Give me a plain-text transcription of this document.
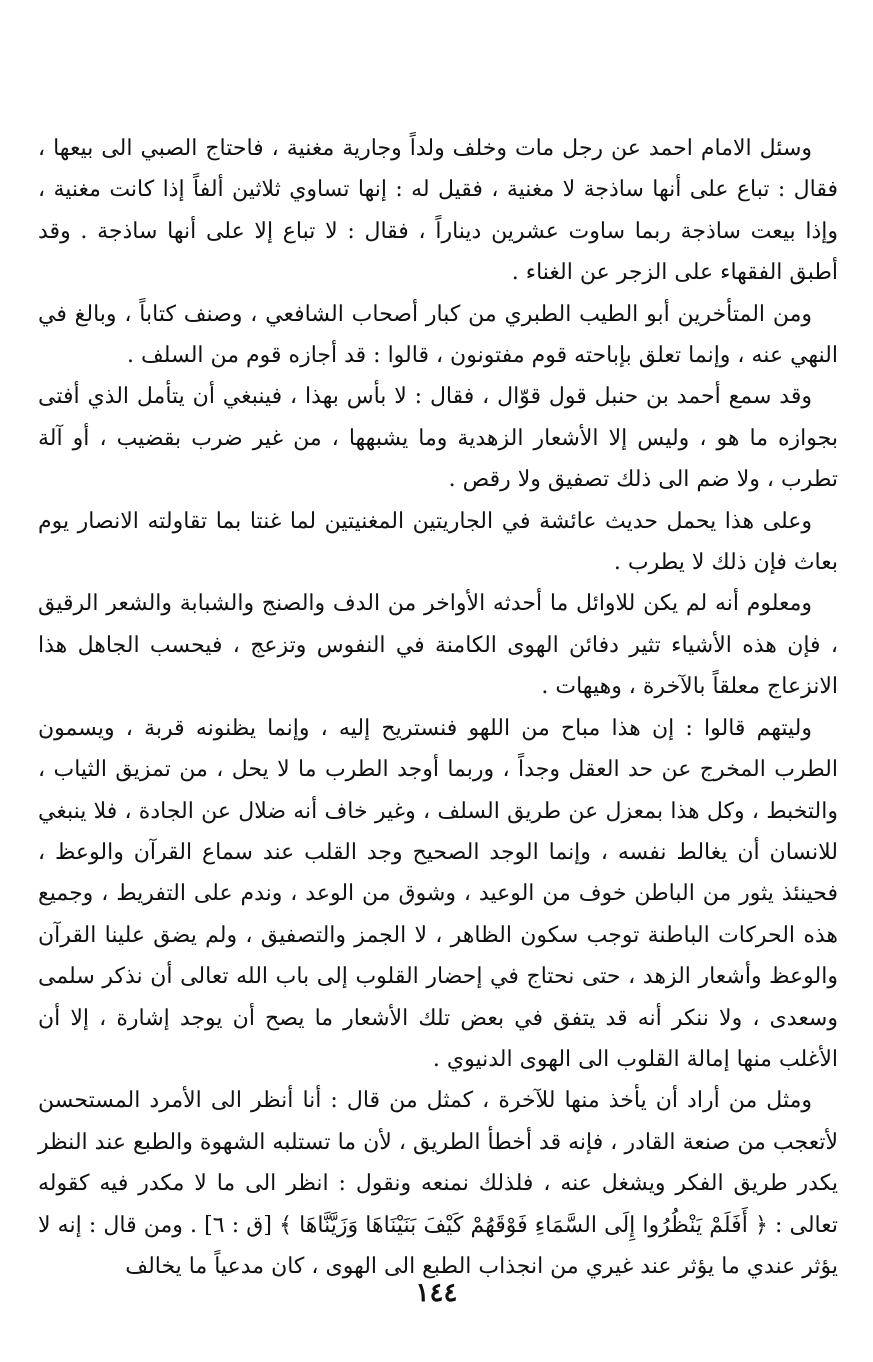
وسئل الامام احمد عن رجل مات وخلف ولداً وجارية مغنية ، فاحتاج الصبي الى بيعها ، فقال : تباع على أنها ساذجة لا مغنية ، فقيل له : إنها تساوي ثلاثين ألفاً إذا كانت مغنية ، وإذا بيعت ساذجة ربما ساوت عشرين ديناراً ، فقال : لا تباع إلا على أنها ساذجة . وقد أطبق الفقهاء على الزجر عن الغناء .

ومن المتأخرين أبو الطيب الطبري من كبار أصحاب الشافعي ، وصنف كتاباً ، وبالغ في النهي عنه ، وإنما تعلق بإباحته قوم مفتونون ، قالوا : قد أجازه قوم من السلف .

وقد سمع أحمد بن حنبل قول قوّال ، فقال : لا بأس بهذا ، فينبغي أن يتأمل الذي أفتى بجوازه ما هو ، وليس إلا الأشعار الزهدية وما يشبهها ، من غير ضرب بقضيب ، أو آلة تطرب ، ولا ضم الى ذلك تصفيق ولا رقص .

وعلى هذا يحمل حديث عائشة في الجاريتين المغنيتين لما غنتا بما تقاولته الانصار يوم بعاث فإن ذلك لا يطرب .

ومعلوم أنه لم يكن للاوائل ما أحدثه الأواخر من الدف والصنج والشبابة والشعر الرقيق ، فإن هذه الأشياء تثير دفائن الهوى الكامنة في النفوس وتزعج ، فيحسب الجاهل هذا الانزعاج معلقاً بالآخرة ، وهيهات .

وليتهم قالوا : إن هذا مباح من اللهو فنستريح إليه ، وإنما يظنونه قربة ، ويسمون الطرب المخرج عن حد العقل وجداً ، وربما أوجد الطرب ما لا يحل ، من تمزيق الثياب ، والتخبط ، وكل هذا بمعزل عن طريق السلف ، وغير خاف أنه ضلال عن الجادة ، فلا ينبغي للانسان أن يغالط نفسه ، وإنما الوجد الصحيح وجد القلب عند سماع القرآن والوعظ ، فحينئذ يثور من الباطن خوف من الوعيد ، وشوق من الوعد ، وندم على التفريط ، وجميع هذه الحركات الباطنة توجب سكون الظاهر ، لا الجمز والتصفيق ، ولم يضق علينا القرآن والوعظ وأشعار الزهد ، حتى نحتاج في إحضار القلوب إلى باب الله تعالى أن نذكر سلمى وسعدى ، ولا ننكر أنه قد يتفق في بعض تلك الأشعار ما يصح أن يوجد إشارة ، إلا أن الأغلب منها إمالة القلوب الى الهوى الدنيوي .

ومثل من أراد أن يأخذ منها للآخرة ، كمثل من قال : أنا أنظر الى الأمرد المستحسن لأتعجب من صنعة القادر ، فإنه قد أخطأ الطريق ، لأن ما تستلبه الشهوة والطبع عند النظر يكدر طريق الفكر ويشغل عنه ، فلذلك نمنعه ونقول : انظر الى ما لا مكدر فيه كقوله تعالى : ﴿ أَفَلَمْ يَنْظُرُوا إِلَى السَّمَاءِ فَوْقَهُمْ كَيْفَ بَنَيْنَاهَا وَزَيَّنَّاهَا ﴾ [ق : ٦] . ومن قال : إنه لا يؤثر عندي ما يؤثر عند غيري من انجذاب الطبع الى الهوى ، كان مدعياً ما يخالف

١٤٤
